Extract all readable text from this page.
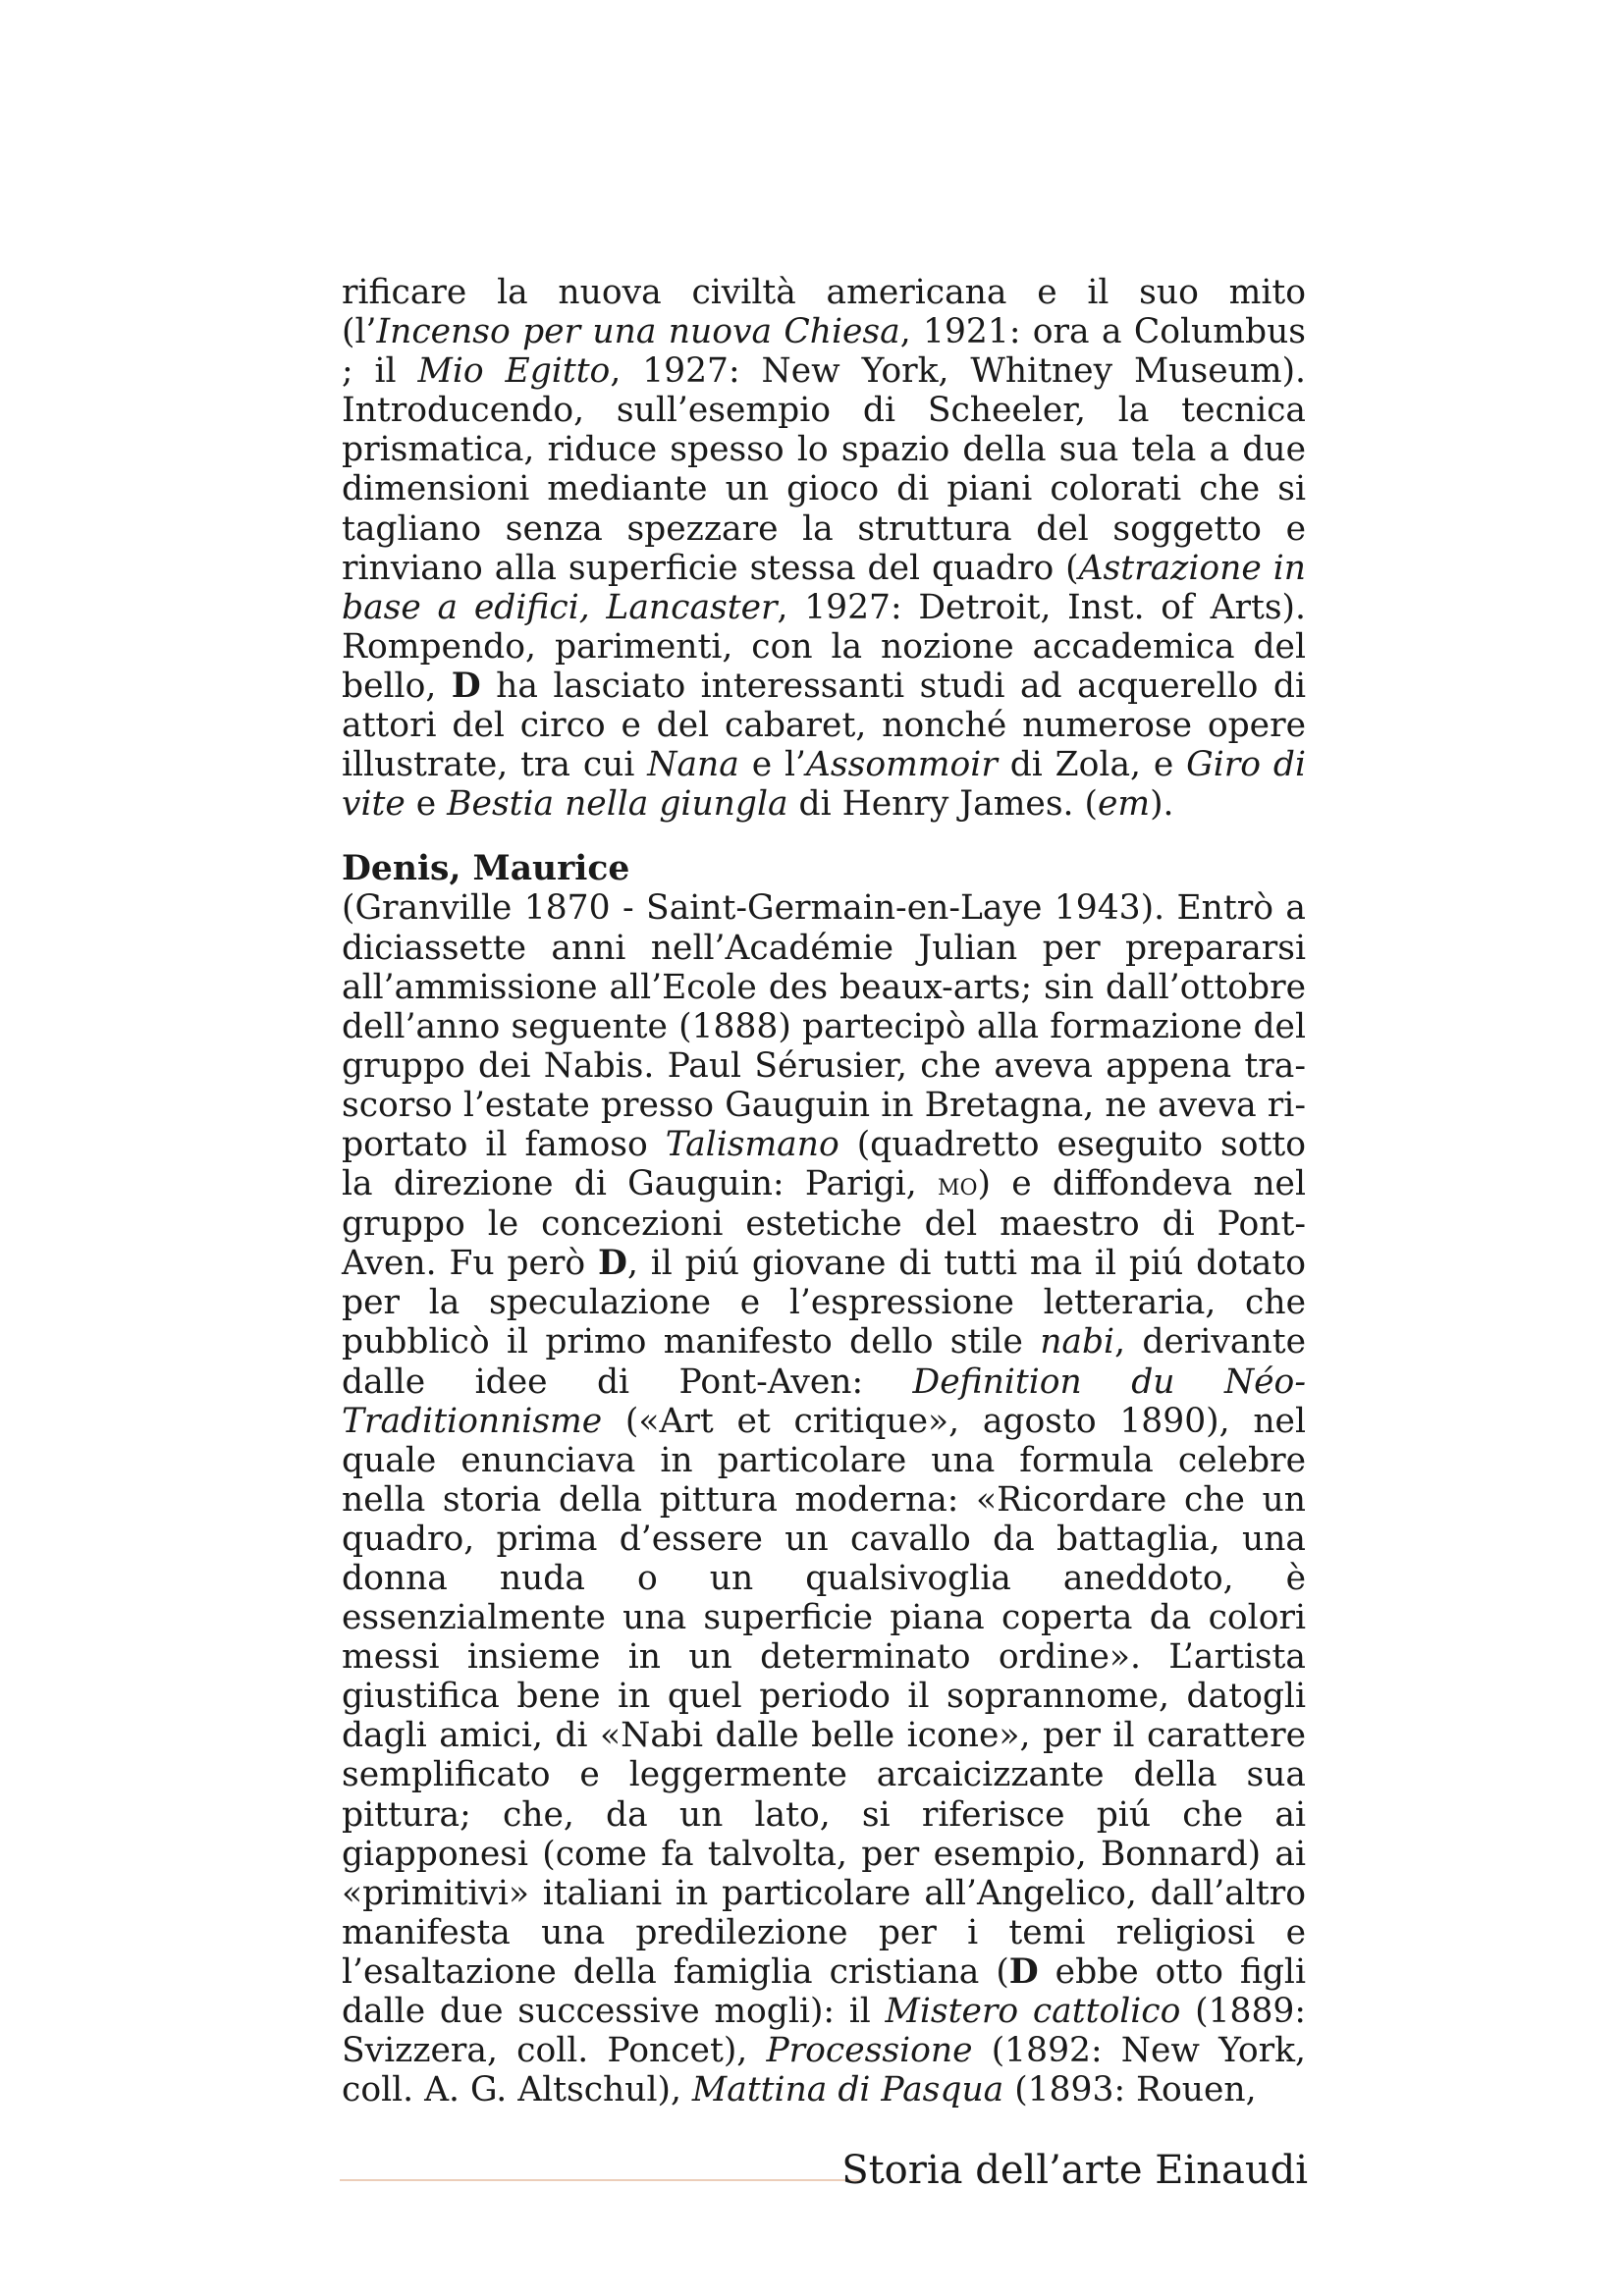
rificare la nuova civiltà americana e il suo mito (l’Incenso per una nuova Chiesa, 1921: ora a Columbus ; il Mio Egitto, 1927: New York, Whitney Museum). Introducendo, sull’esempio di Scheeler, la tecnica prismatica, riduce spesso lo spazio della sua tela a due dimensioni mediante un gioco di piani colorati che si tagliano senza spezzare la struttura del soggetto e rinviano alla superficie stessa del quadro (Astrazione in base a edifici, Lancaster, 1927: Detroit, Inst. of Arts). Rompendo, parimenti, con la nozione accademica del bello, D ha lasciato interessanti studi ad acquerello di attori del circo e del cabaret, nonché numerose opere illustrate, tra cui Nana e l’Assommoir di Zola, e Giro di vite e Bestia nella giungla di Henry James. (em).

Denis, Maurice

(Granville 1870 - Saint-Germain-en-Laye 1943). Entrò a diciassette anni nell’Académie Julian per prepararsi all’ammissione all’Ecole des beaux-arts; sin dall’ottobre dell’anno seguente (1888) partecipò alla formazione del gruppo dei Nabis. Paul Sérusier, che aveva appena trascorso l’estate presso Gauguin in Bretagna, ne aveva riportato il famoso Talismano (quadretto eseguito sotto la direzione di Gauguin: Parigi, mo) e diffondeva nel gruppo le concezioni estetiche del maestro di Pont-Aven. Fu però D, il piú giovane di tutti ma il piú dotato per la speculazione e l’espressione letteraria, che pubblicò il primo manifesto dello stile nabi, derivante dalle idee di Pont-Aven: Definition du Néo-Traditionnisme («Art et critique», agosto 1890), nel quale enunciava in particolare una formula celebre nella storia della pittura moderna: «Ricordare che un quadro, prima d’essere un cavallo da battaglia, una donna nuda o un qualsivoglia aneddoto, è essenzialmente una superficie piana coperta da colori messi insieme in un determinato ordine». L’artista giustifica bene in quel periodo il soprannome, datogli dagli amici, di «Nabi dalle belle icone», per il carattere semplificato e leggermente arcaicizzante della sua pittura; che, da un lato, si riferisce piú che ai giapponesi (come fa talvolta, per esempio, Bonnard) ai «primitivi» italiani in particolare all’Angelico, dall’altro manifesta una predilezione per i temi religiosi e l’esaltazione della famiglia cristiana (D ebbe otto figli dalle due successive mogli): il Mistero cattolico (1889: Svizzera, coll. Poncet), Processione (1892: New York, coll. A. G. Altschul), Mattina di Pasqua (1893: Rouen,

Storia dell’arte Einaudi
